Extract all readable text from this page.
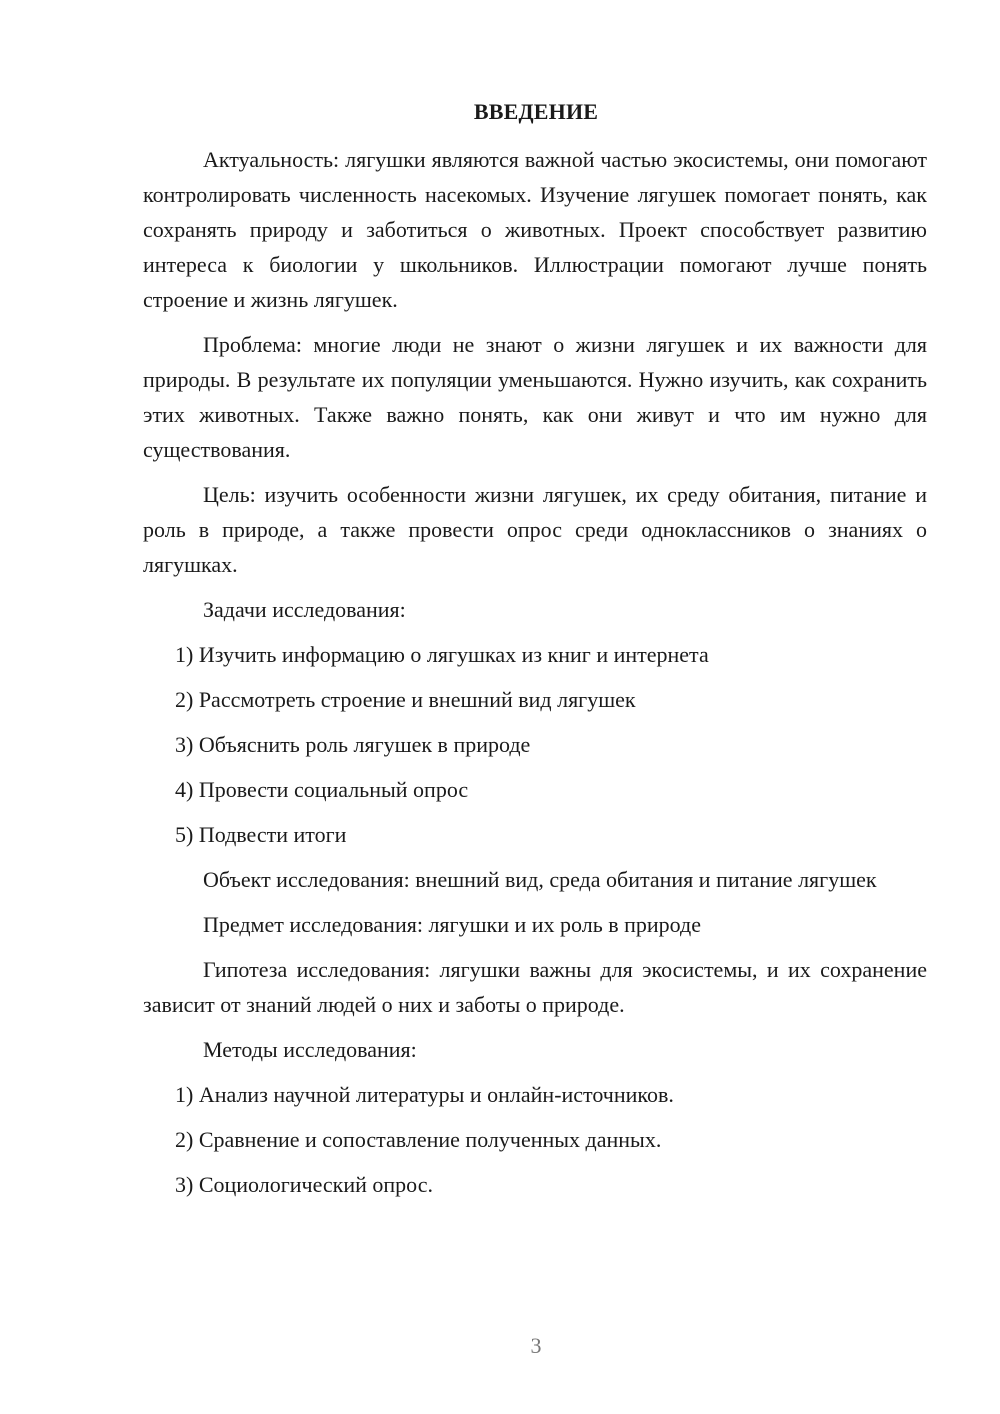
ВВЕДЕНИЕ

Актуальность: лягушки являются важной частью экосистемы, они помогают контролировать численность насекомых. Изучение лягушек помогает понять, как сохранять природу и заботиться о животных. Проект способствует развитию интереса к биологии у школьников. Иллюстрации помогают лучше понять строение и жизнь лягушек.

Проблема: многие люди не знают о жизни лягушек и их важности для природы. В результате их популяции уменьшаются. Нужно изучить, как сохранить этих животных. Также важно понять, как они живут и что им нужно для существования.

Цель: изучить особенности жизни лягушек, их среду обитания, питание и роль в природе, а также провести опрос среди одноклассников о знаниях о лягушках.

Задачи исследования:

1) Изучить информацию о лягушках из книг и интернета

2) Рассмотреть строение и внешний вид лягушек

3) Объяснить роль лягушек в природе

4) Провести социальный опрос

5) Подвести итоги

Объект исследования: внешний вид, среда обитания и питание лягушек

Предмет исследования: лягушки и их роль в природе

Гипотеза исследования: лягушки важны для экосистемы, и их сохранение зависит от знаний людей о них и заботы о природе.

Методы исследования:

1) Анализ научной литературы и онлайн-источников.

2) Сравнение и сопоставление полученных данных.

3) Социологический опрос.

3
